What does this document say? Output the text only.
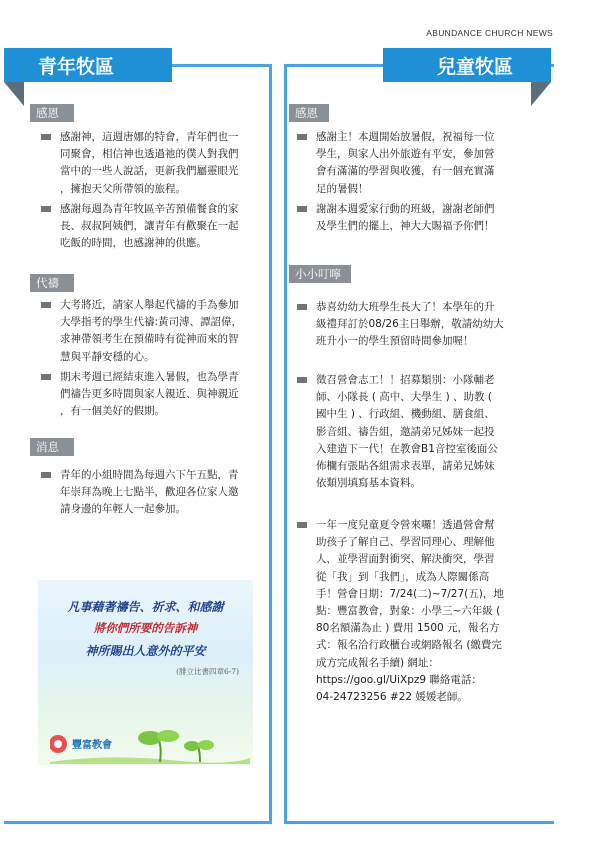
ABUNDANCE CHURCH NEWS
青年牧區
感恩
感謝神，這週唐娜的特會，青年們也一
同聚會，相信神也透過祂的僕人對我們
當中的一些人說話，更新我們屬靈眼光
，擁抱天父所帶領的旅程。
感謝每週為青年牧區辛苦預備餐食的家
長、叔叔阿姨們，讓青年有歡聚在一起
吃飯的時間，也感謝神的供應。
代禱
大考將近，請家人舉起代禱的手為參加
大學指考的學生代禱:黃司溥、譚詔偉，
求神帶領考生在預備時有從神而來的智
慧與平靜安穩的心。
期末考週已經結束進入暑假，也為學青
們禱告更多時間與家人親近、與神親近
，有一個美好的假期。
消息
青年的小組時間為每週六下午五點，青
年崇拜為晚上七點半，歡迎各位家人邀
請身邊的年輕人一起參加。
凡事藉著禱告、祈求、和感謝
將你們所要的告訴神
神所賜出人意外的平安
(腓立比書四章6-7)
豐富教會
兒童牧區
感恩
感謝主！本週開始放暑假，祝福每一位
學生，與家人出外旅遊有平安，參加營
會有滿滿的學習與收獲，有一個充實滿
足的暑假！
謝謝本週愛家行動的班級，謝謝老師們
及學生們的擺上，神大大賜福予你們！
小小叮嚀
恭喜幼幼大班學生長大了！本學年的升
級禮拜訂於08/26主日舉辦，敬請幼幼大
班升小一的學生預留時間參加喔！
徵召營會志工！！招募類別：小隊輔老
師、小隊長 ( 高中、大學生 ) 、助教 (
國中生 ) 、行政組、機動組、膳食組、
影音組、禱告組，邀請弟兄姊妹一起投
入建造下一代！在教會B1音控室後面公
佈欄有張貼各組需求表單，請弟兄姊妹
依類別填寫基本資料。
一年一度兒童夏令營來囉！透過營會幫
助孩子了解自己、學習同理心、理解他
人，並學習面對衝突、解決衝突，學習
從「我」到「我們」，成為人際關係高
手！營會日期：7/24(二)~7/27(五)，地
點：豐富教會，對象：小學三~六年級 (
80名額滿為止 ) 費用 1500 元，報名方
式：報名洽行政櫃台或網路報名 (繳費完
成方完成報名手續) 網址：
https://goo.gl/UiXpz9 聯絡電話：
04-24723256 #22 媛媛老師。
